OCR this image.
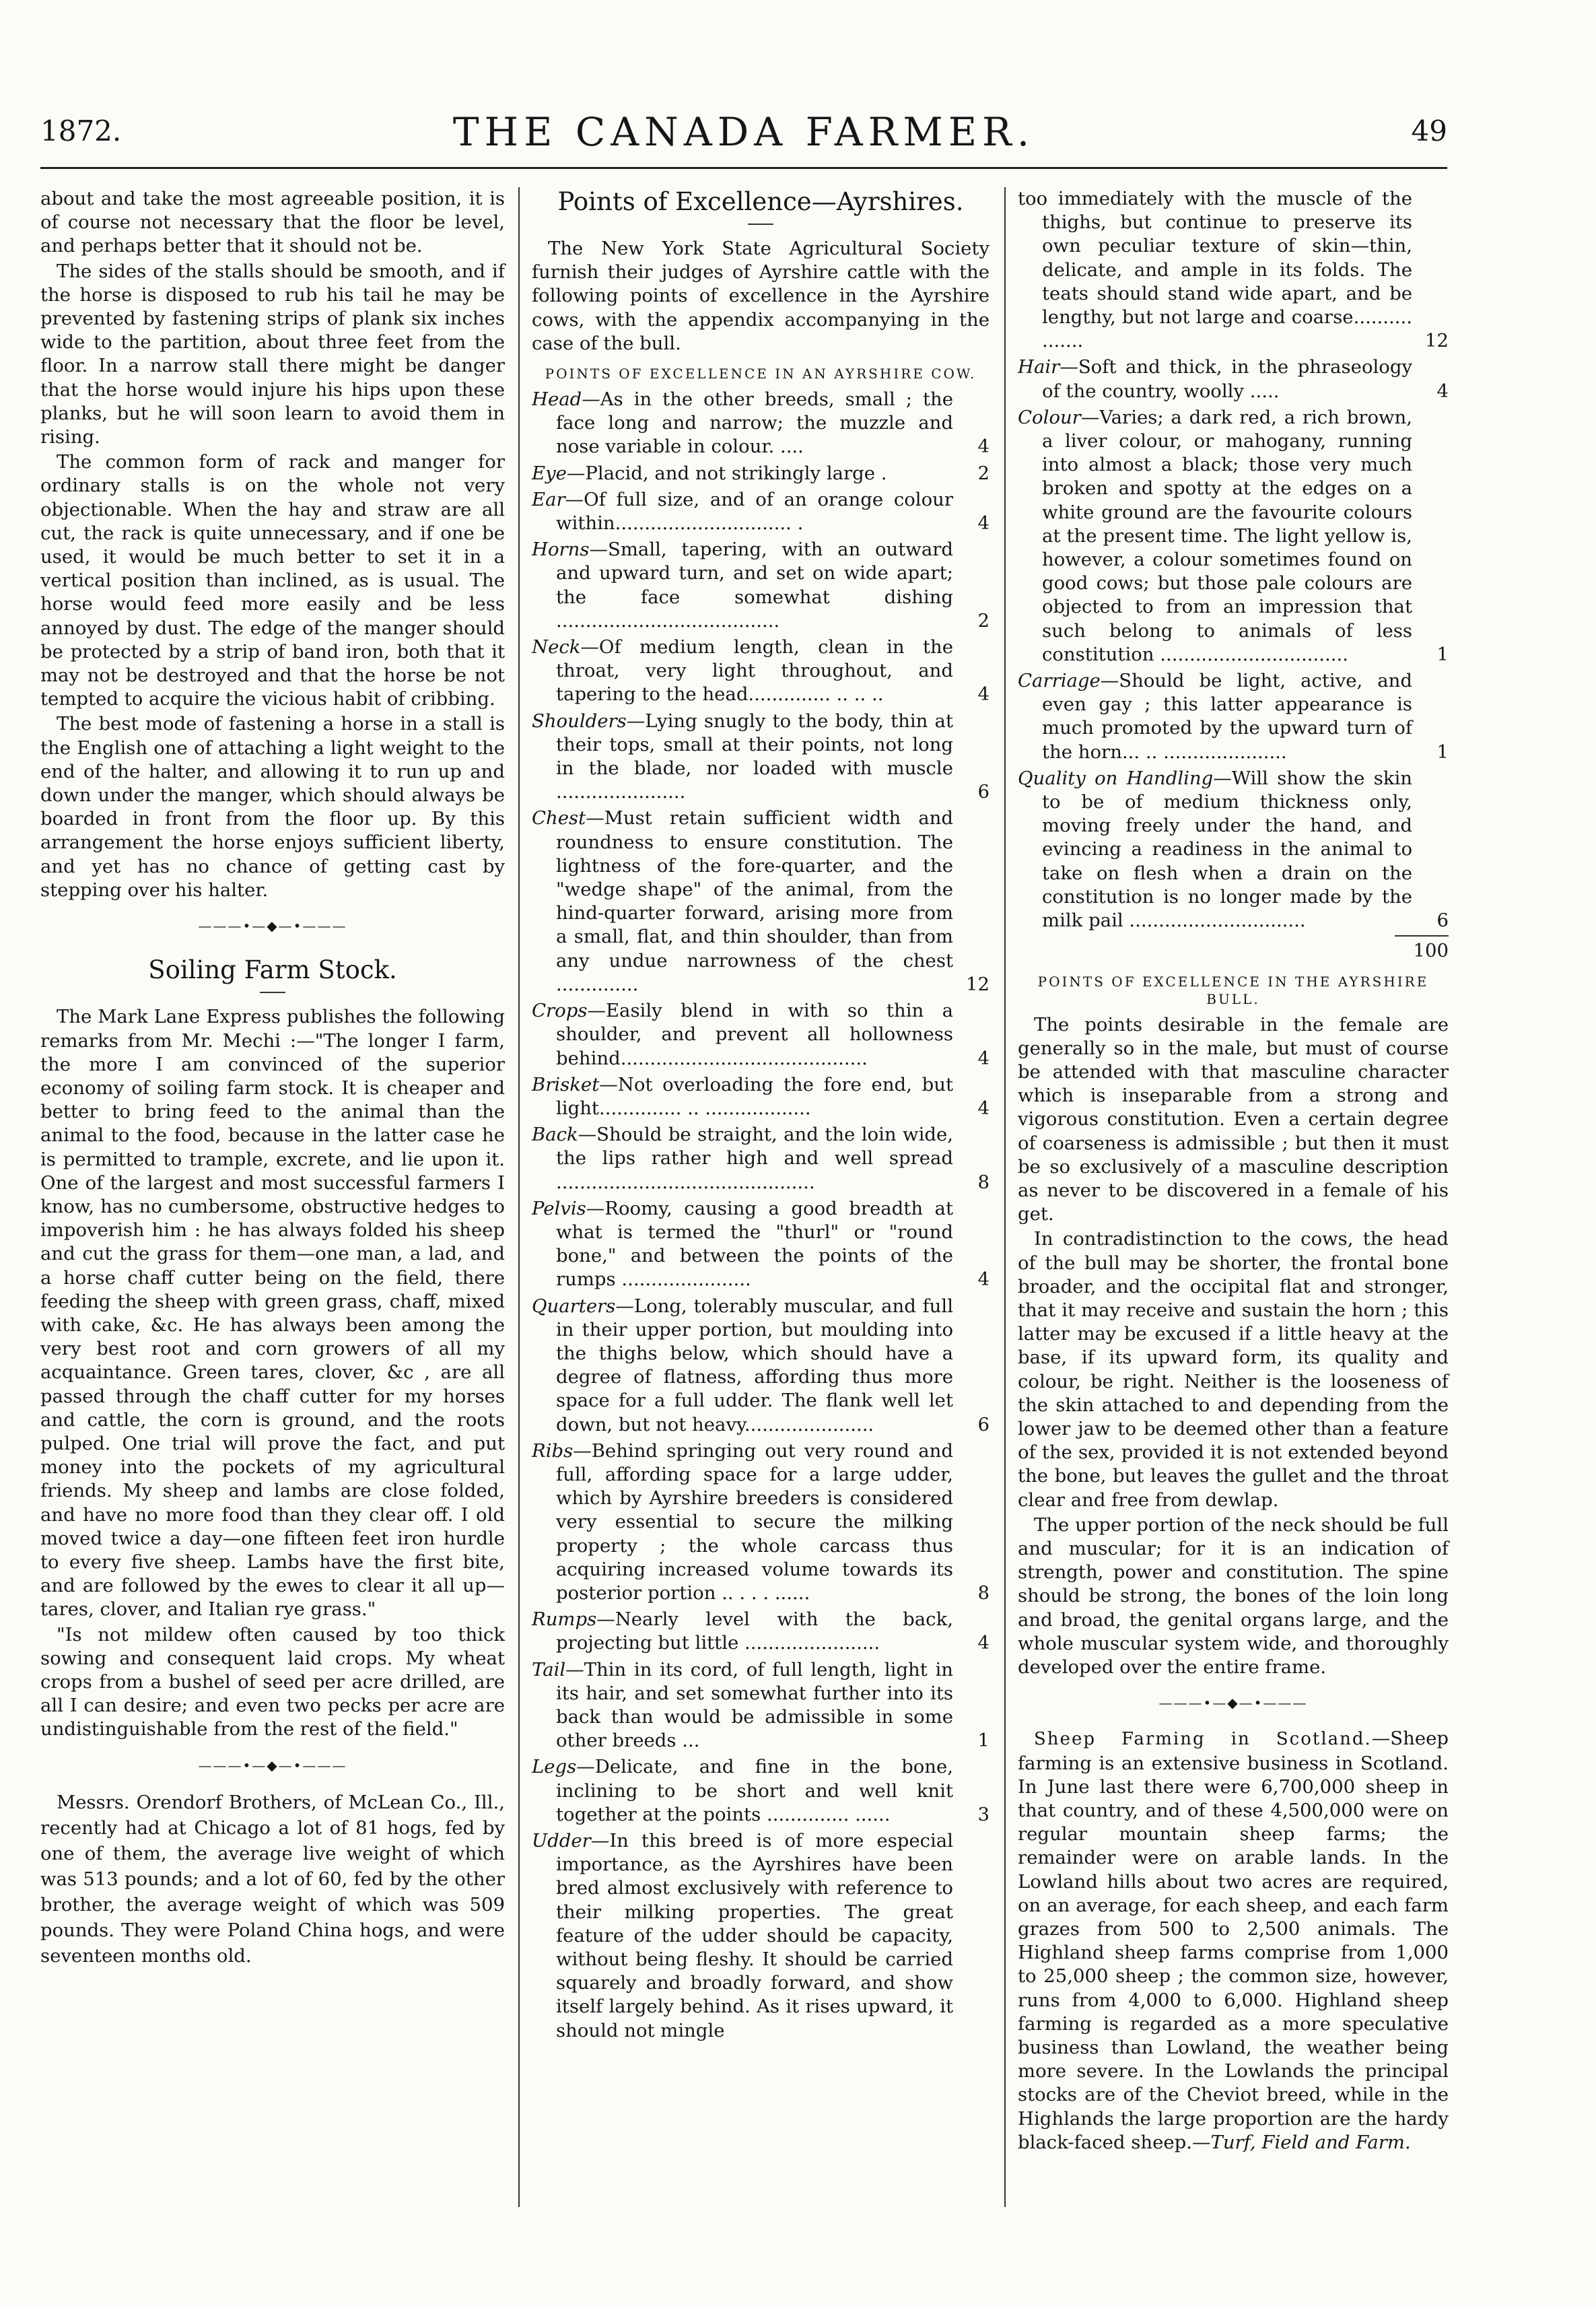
1872.	THE CANADA FARMER.	49

about and take the most agreeable position, it is of course not necessary that the floor be level, and perhaps better that it should not be.

The sides of the stalls should be smooth, and if the horse is disposed to rub his tail he may be prevented by fastening strips of plank six inches wide to the partition, about three feet from the floor. In a narrow stall there might be danger that the horse would injure his hips upon these planks, but he will soon learn to avoid them in rising.

The common form of rack and manger for ordinary stalls is on the whole not very objectionable. When the hay and straw are all cut, the rack is quite unnecessary, and if one be used, it would be much better to set it in a vertical position than inclined, as is usual. The horse would feed more easily and be less annoyed by dust. The edge of the manger should be protected by a strip of band iron, both that it may not be destroyed and that the horse be not tempted to acquire the vicious habit of cribbing.

The best mode of fastening a horse in a stall is the English one of attaching a light weight to the end of the halter, and allowing it to run up and down under the manger, which should always be boarded in front from the floor up. By this arrangement the horse enjoys sufficient liberty, and yet has no chance of getting cast by stepping over his halter.

———•—◆—•———
Soiling Farm Stock.

The Mark Lane Express publishes the following remarks from Mr. Mechi :—"The longer I farm, the more I am convinced of the superior economy of soiling farm stock. It is cheaper and better to bring feed to the animal than the animal to the food, because in the latter case he is permitted to trample, excrete, and lie upon it. One of the largest and most successful farmers I know, has no cumbersome, obstructive hedges to impoverish him : he has always folded his sheep and cut the grass for them—one man, a lad, and a horse chaff cutter being on the field, there feeding the sheep with green grass, chaff, mixed with cake, &c. He has always been among the very best root and corn growers of all my acquaintance. Green tares, clover, &c , are all passed through the chaff cutter for my horses and cattle, the corn is ground, and the roots pulped. One trial will prove the fact, and put money into the pockets of my agricultural friends. My sheep and lambs are close folded, and have no more food than they clear off. I old moved twice a day—one fifteen feet iron hurdle to every five sheep. Lambs have the first bite, and are followed by the ewes to clear it all up—tares, clover, and Italian rye grass."

"Is not mildew often caused by too thick sowing and consequent laid crops. My wheat crops from a bushel of seed per acre drilled, are all I can desire; and even two pecks per acre are undistinguishable from the rest of the field."

———•—◆—•———

Messrs. Orendorf Brothers, of McLean Co., Ill., recently had at Chicago a lot of 81 hogs, fed by one of them, the average live weight of which was 513 pounds; and a lot of 60, fed by the other brother, the average weight of which was 509 pounds. They were Poland China hogs, and were seventeen months old.

Points of Excellence—Ayrshires.

The New York State Agricultural Society furnish their judges of Ayrshire cattle with the following points of excellence in the Ayrshire cows, with the appendix accompanying in the case of the bull.

POINTS OF EXCELLENCE IN AN AYRSHIRE COW.
Head—As in the other breeds, small ; the face long and narrow; the muzzle and nose variable in colour. ....	4
Eye—Placid, and not strikingly large .	2
Ear—Of full size, and of an orange colour within.............................. .	4
Horns—Small, tapering, with an outward and upward turn, and set on wide apart; the face somewhat dishing ......................................	2
Neck—Of medium length, clean in the throat, very light throughout, and tapering to the head.............. .. .. ..	4
Shoulders—Lying snugly to the body, thin at their tops, small at their points, not long in the blade, nor loaded with muscle ......................	6
Chest—Must retain sufficient width and roundness to ensure constitution. The lightness of the fore-quarter, and the "wedge shape" of the animal, from the hind-quarter forward, arising more from a small, flat, and thin shoulder, than from any undue narrowness of the chest ..............	12
Crops—Easily blend in with so thin a shoulder, and prevent all hollowness behind..........................................	4
Brisket—Not overloading the fore end, but light.............. .. ..................	4
Back—Should be straight, and the loin wide, the lips rather high and well spread ............................................	8
Pelvis—Roomy, causing a good breadth at what is termed the "thurl" or "round bone," and between the points of the rumps ......................	4
Quarters—Long, tolerably muscular, and full in their upper portion, but moulding into the thighs below, which should have a degree of flatness, affording thus more space for a full udder. The flank well let down, but not heavy......................	6
Ribs—Behind springing out very round and full, affording space for a large udder, which by Ayrshire breeders is considered very essential to secure the milking property ; the whole carcass thus acquiring increased volume towards its posterior portion .. . . . ......	8
Rumps—Nearly level with the back, projecting but little .......................	4
Tail—Thin in its cord, of full length, light in its hair, and set somewhat further into its back than would be admissible in some other breeds ...	1
Legs—Delicate, and fine in the bone, inclining to be short and well knit together at the points .............. ......	3
Udder—In this breed is of more especial importance, as the Ayrshires have been bred almost exclusively with reference to their milking properties. The great feature of the udder should be capacity, without being fleshy. It should be carried squarely and broadly forward, and show itself largely behind. As it rises upward, it should not mingle
too immediately with the muscle of the thighs, but continue to preserve its own peculiar texture of skin—thin, delicate, and ample in its folds. The teats should stand wide apart, and be lengthy, but not large and coarse.......... .......	12
Hair—Soft and thick, in the phraseology of the country, woolly .....	4
Colour—Varies; a dark red, a rich brown, a liver colour, or mahogany, running into almost a black; those very much broken and spotty at the edges on a white ground are the favourite colours at the present time. The light yellow is, however, a colour sometimes found on good cows; but those pale colours are objected to from an impression that such belong to animals of less constitution ................................	1
Carriage—Should be light, active, and even gay ; this latter appearance is much promoted by the upward turn of the horn... .. .....................	1
Quality on Handling—Will show the skin to be of medium thickness only, moving freely under the hand, and evincing a readiness in the animal to take on flesh when a drain on the constitution is no longer made by the milk pail ..............................	6
100
POINTS OF EXCELLENCE IN THE AYRSHIRE BULL.

The points desirable in the female are generally so in the male, but must of course be attended with that masculine character which is inseparable from a strong and vigorous constitution. Even a certain degree of coarseness is admissible ; but then it must be so exclusively of a masculine description as never to be discovered in a female of his get.

In contradistinction to the cows, the head of the bull may be shorter, the frontal bone broader, and the occipital flat and stronger, that it may receive and sustain the horn ; this latter may be excused if a little heavy at the base, if its upward form, its quality and colour, be right. Neither is the looseness of the skin attached to and depending from the lower jaw to be deemed other than a feature of the sex, provided it is not extended beyond the bone, but leaves the gullet and the throat clear and free from dewlap.

The upper portion of the neck should be full and muscular; for it is an indication of strength, power and constitution. The spine should be strong, the bones of the loin long and broad, the genital organs large, and the whole muscular system wide, and thoroughly developed over the entire frame.

———•—◆—•———

Sheep Farming in Scotland.—Sheep farming is an extensive business in Scotland. In June last there were 6,700,000 sheep in that country, and of these 4,500,000 were on regular mountain sheep farms; the remainder were on arable lands. In the Lowland hills about two acres are required, on an average, for each sheep, and each farm grazes from 500 to 2,500 animals. The Highland sheep farms comprise from 1,000 to 25,000 sheep ; the common size, however, runs from 4,000 to 6,000. Highland sheep farming is regarded as a more speculative business than Lowland, the weather being more severe. In the Lowlands the principal stocks are of the Cheviot breed, while in the Highlands the large proportion are the hardy black-faced sheep.—Turf, Field and Farm.
